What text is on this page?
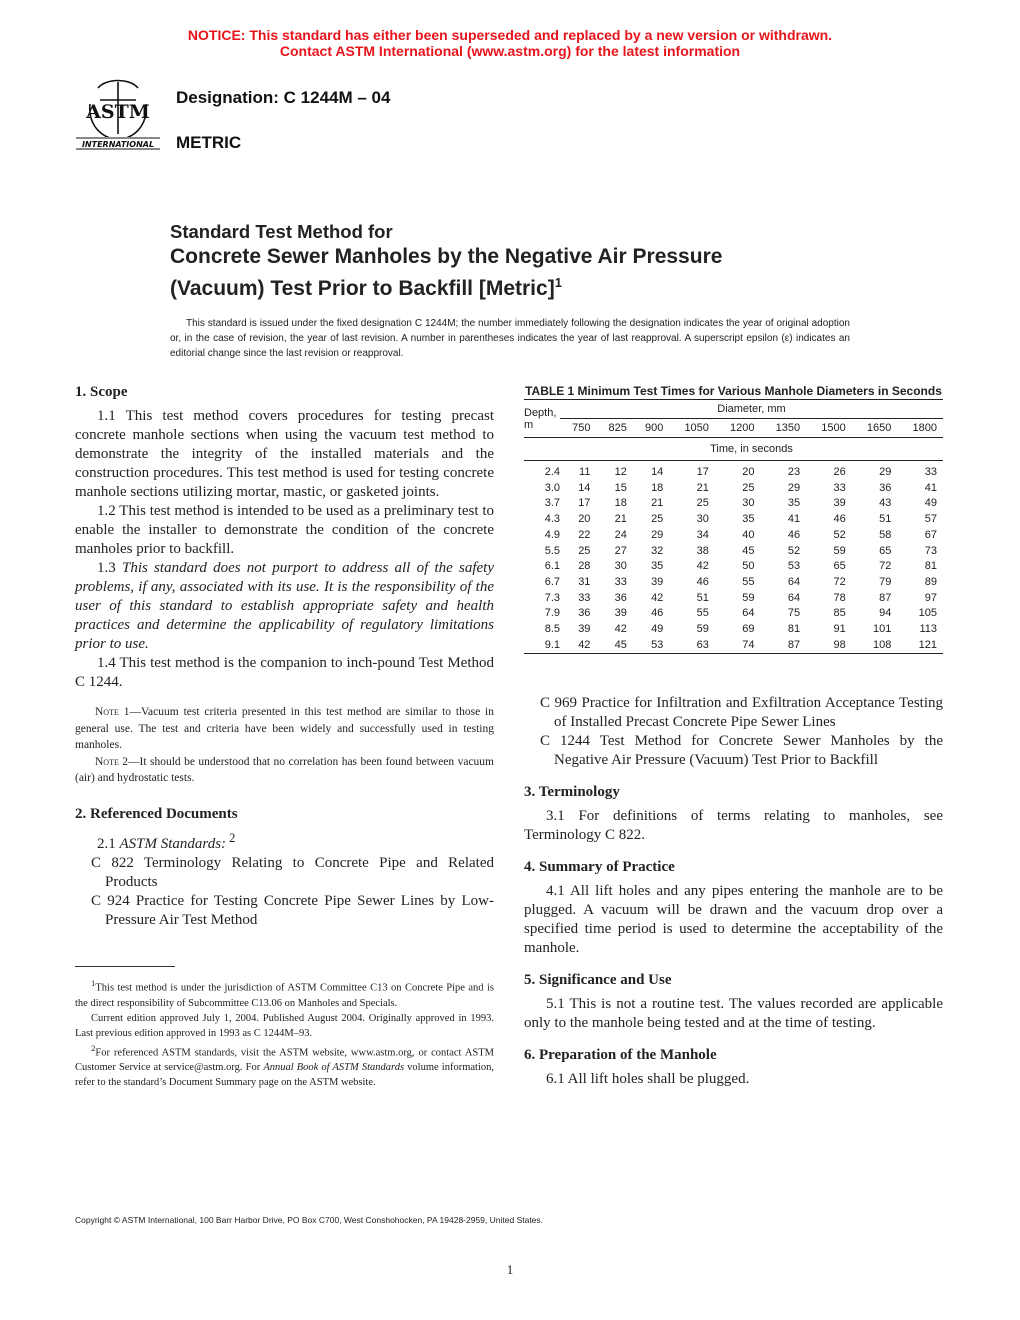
NOTICE: This standard has either been superseded and replaced by a new version or withdrawn.
Contact ASTM International (www.astm.org) for the latest information
ASTM
INTERNATIONAL
Designation: C 1244M – 04
METRIC
Standard Test Method for
Concrete Sewer Manholes by the Negative Air Pressure
(Vacuum) Test Prior to Backfill [Metric]$^1$
This standard is issued under the fixed designation C 1244M; the number immediately following the designation indicates the year of original adoption or, in the case of revision, the year of last revision. A number in parentheses indicates the year of last reapproval. A superscript epsilon (ε) indicates an editorial change since the last revision or reapproval.
1. Scope

1.1 This test method covers procedures for testing precast concrete manhole sections when using the vacuum test method to demonstrate the integrity of the installed materials and the construction procedures. This test method is used for testing concrete manhole sections utilizing mortar, mastic, or gasketed joints.

1.2 This test method is intended to be used as a preliminary test to enable the installer to demonstrate the condition of the concrete manholes prior to backfill.

1.3 This standard does not purport to address all of the safety problems, if any, associated with its use. It is the responsibility of the user of this standard to establish appropriate safety and health practices and determine the applicability of regulatory limitations prior to use.

1.4 This test method is the companion to inch-pound Test Method C 1244.

Note 1—Vacuum test criteria presented in this test method are similar to those in general use. The test and criteria have been widely and successfully used in testing manholes.

Note 2—It should be understood that no correlation has been found between vacuum (air) and hydrostatic tests.

2. Referenced Documents

2.1 ASTM Standards: $^2$

C 822 Terminology Relating to Concrete Pipe and Related Products
C 924 Practice for Testing Concrete Pipe Sewer Lines by Low-Pressure Air Test Method

$^1$This test method is under the jurisdiction of ASTM Committee C13 on Concrete Pipe and is the direct responsibility of Subcommittee C13.06 on Manholes and Specials.

Current edition approved July 1, 2004. Published August 2004. Originally approved in 1993. Last previous edition approved in 1993 as C 1244M–93.

$^2$For referenced ASTM standards, visit the ASTM website, www.astm.org, or contact ASTM Customer Service at service@astm.org. For Annual Book of ASTM Standards volume information, refer to the standard’s Document Summary page on the ASTM website.

TABLE 1 Minimum Test Times for Various Manhole Diameters in Seconds
Depth, m	Diameter, mm								
	750	825	900	1050	1200	1350	1500	1650	1800
	Time, in seconds								
2.4	11	12	14	17	20	23	26	29	33
3.0	14	15	18	21	25	29	33	36	41
3.7	17	18	21	25	30	35	39	43	49
4.3	20	21	25	30	35	41	46	51	57
4.9	22	24	29	34	40	46	52	58	67
5.5	25	27	32	38	45	52	59	65	73
6.1	28	30	35	42	50	53	65	72	81
6.7	31	33	39	46	55	64	72	79	89
7.3	33	36	42	51	59	64	78	87	97
7.9	36	39	46	55	64	75	85	94	105
8.5	39	42	49	59	69	81	91	101	113
9.1	42	45	53	63	74	87	98	108	121
C 969 Practice for Infiltration and Exfiltration Acceptance Testing of Installed Precast Concrete Pipe Sewer Lines
C 1244 Test Method for Concrete Sewer Manholes by the Negative Air Pressure (Vacuum) Test Prior to Backfill
3. Terminology

3.1 For definitions of terms relating to manholes, see Terminology C 822.

4. Summary of Practice

4.1 All lift holes and any pipes entering the manhole are to be plugged. A vacuum will be drawn and the vacuum drop over a specified time period is used to determine the acceptability of the manhole.

5. Significance and Use

5.1 This is not a routine test. The values recorded are applicable only to the manhole being tested and at the time of testing.

6. Preparation of the Manhole

6.1 All lift holes shall be plugged.

Copyright © ASTM International, 100 Barr Harbor Drive, PO Box C700, West Conshohocken, PA 19428-2959, United States.
1
